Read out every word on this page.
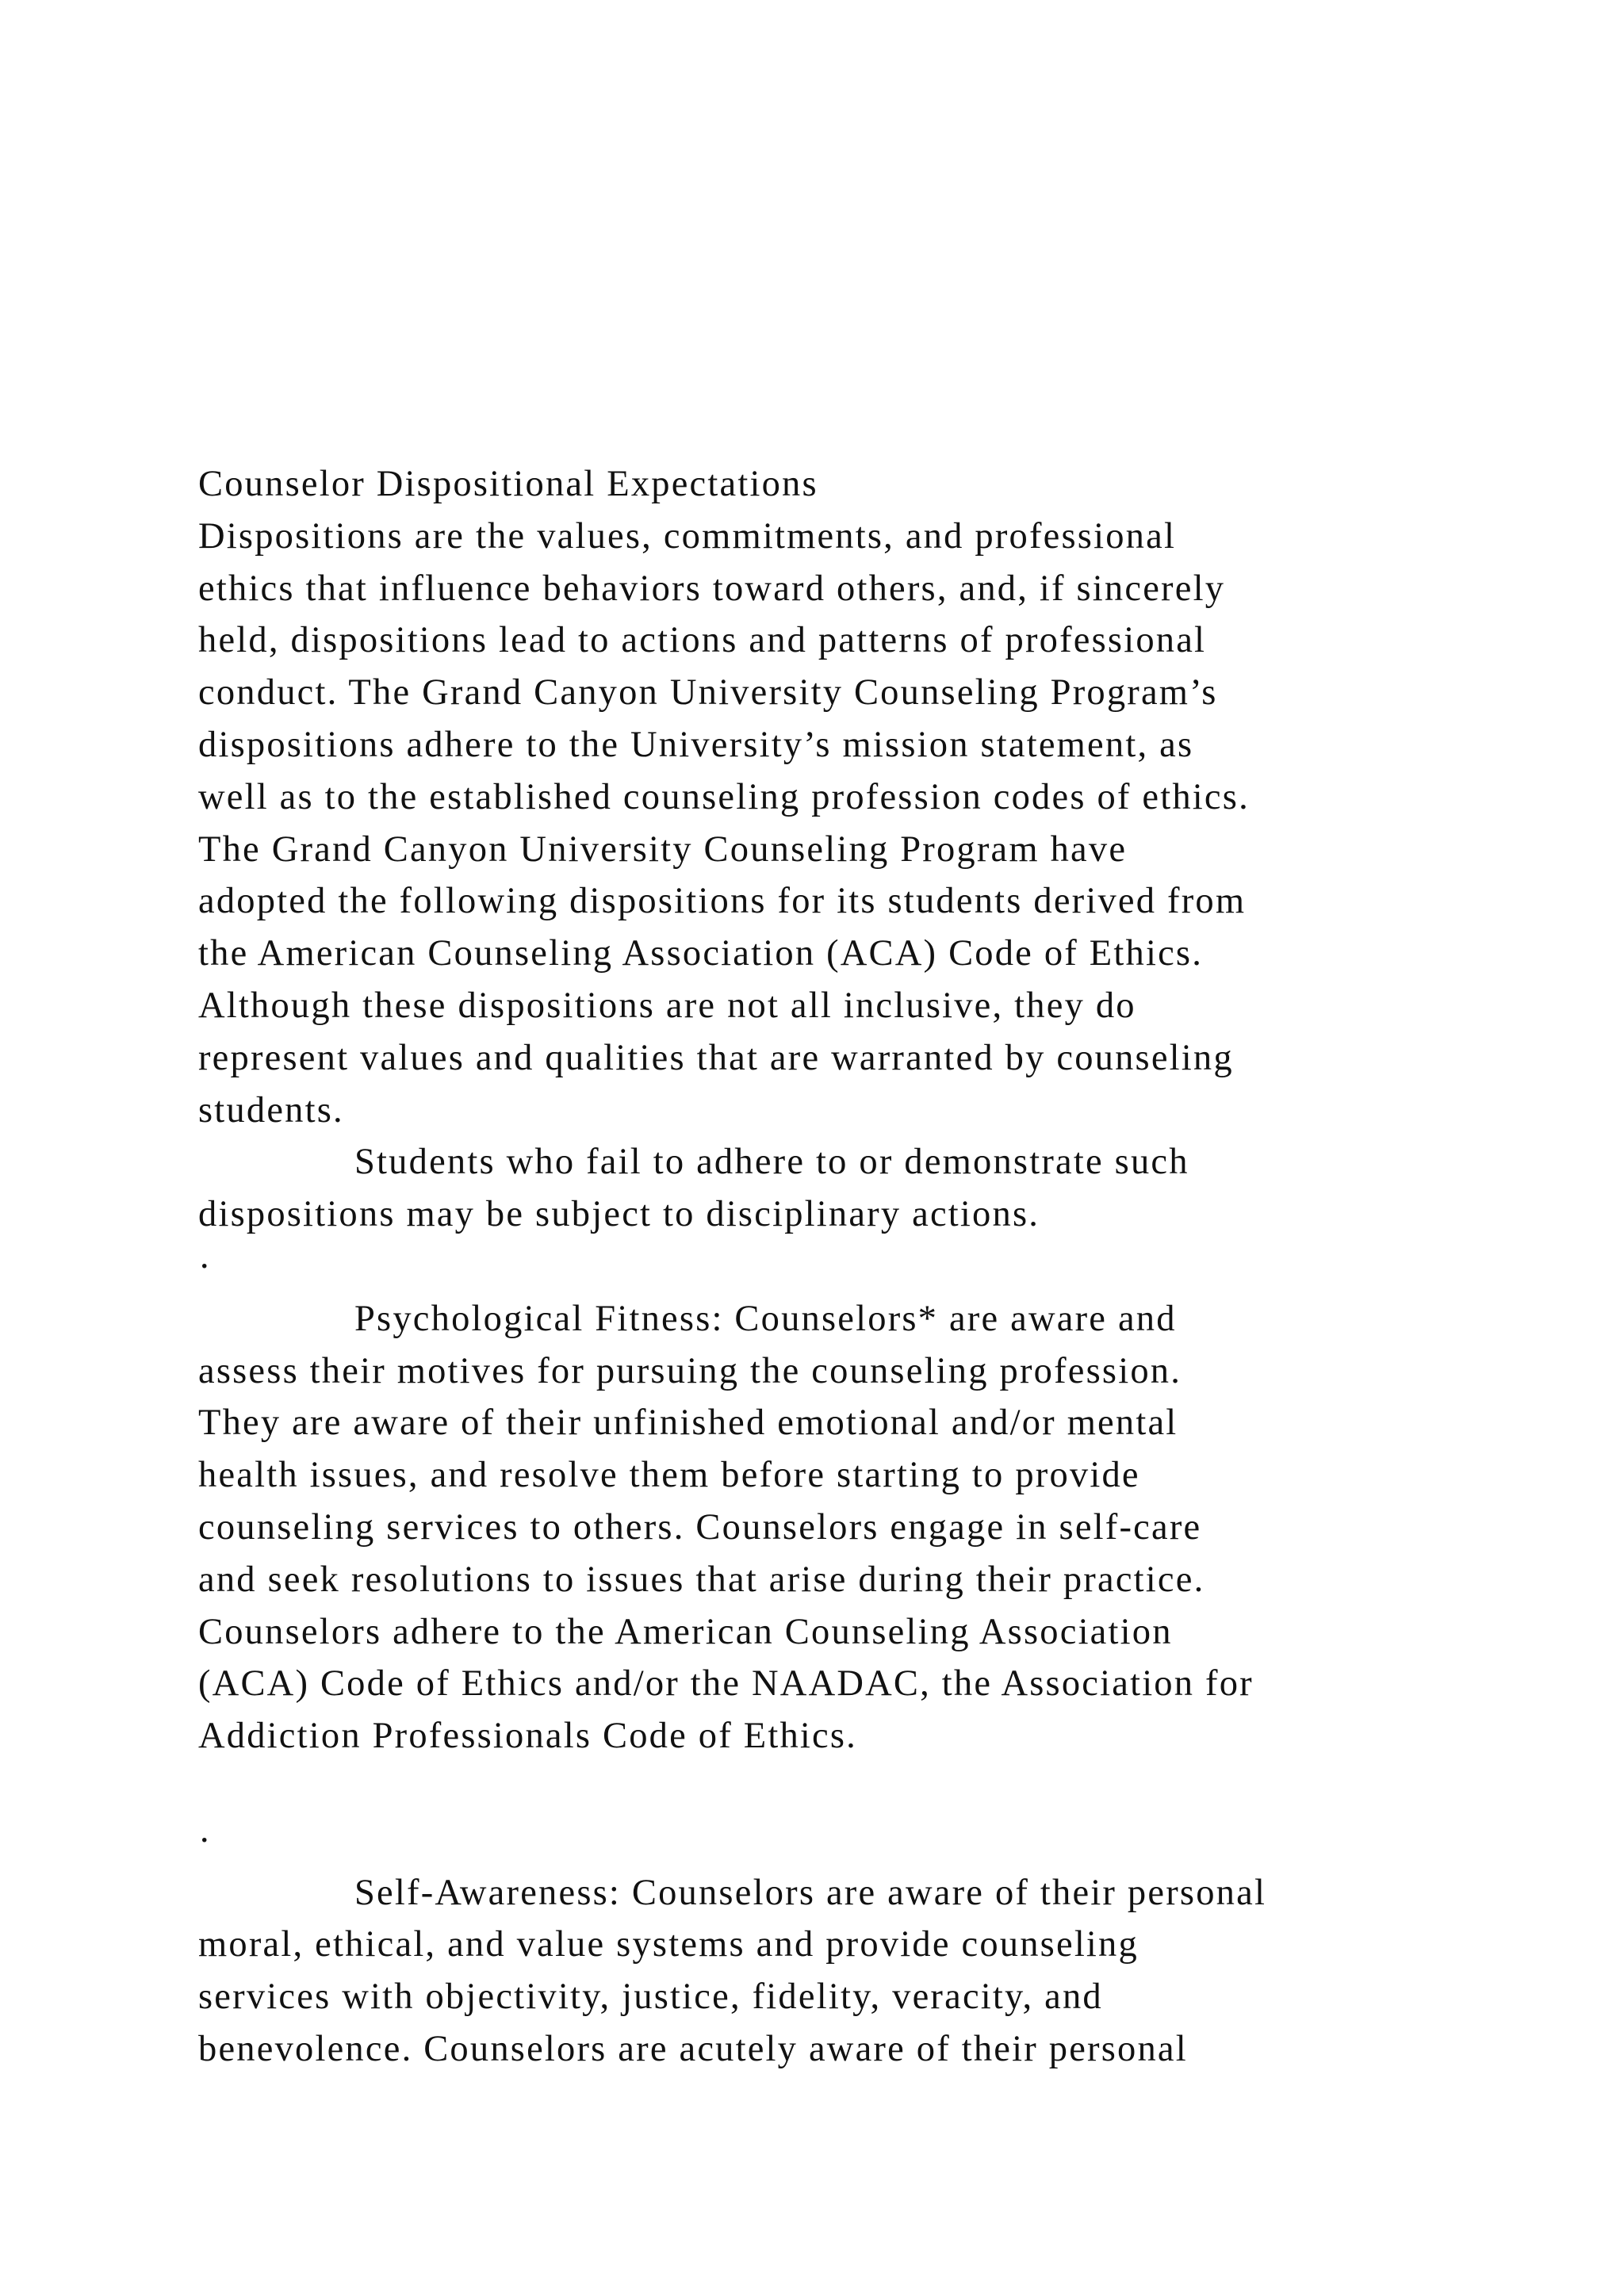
Counselor Dispositional Expectations
Dispositions are the values, commitments, and professional
ethics that influence behaviors toward others, and, if sincerely
held, dispositions lead to actions and patterns of professional
conduct. The Grand Canyon University Counseling Program’s
dispositions adhere to the University’s mission statement, as
well as to the established counseling profession codes of ethics.
The Grand Canyon University Counseling Program have
adopted the following dispositions for its students derived from
the American Counseling Association (ACA) Code of Ethics.
Although these dispositions are not all inclusive, they do
represent values and qualities that are warranted by counseling
students.
Students who fail to adhere to or demonstrate such
dispositions may be subject to disciplinary actions.
·
Psychological Fitness: Counselors* are aware and
assess their motives for pursuing the counseling profession.
They are aware of their unfinished emotional and/or mental
health issues, and resolve them before starting to provide
counseling services to others. Counselors engage in self-care
and seek resolutions to issues that arise during their practice.
Counselors adhere to the American Counseling Association
(ACA) Code of Ethics and/or the NAADAC, the Association for
Addiction Professionals Code of Ethics.
·
Self-Awareness: Counselors are aware of their personal
moral, ethical, and value systems and provide counseling
services with objectivity, justice, fidelity, veracity, and
benevolence. Counselors are acutely aware of their personal
